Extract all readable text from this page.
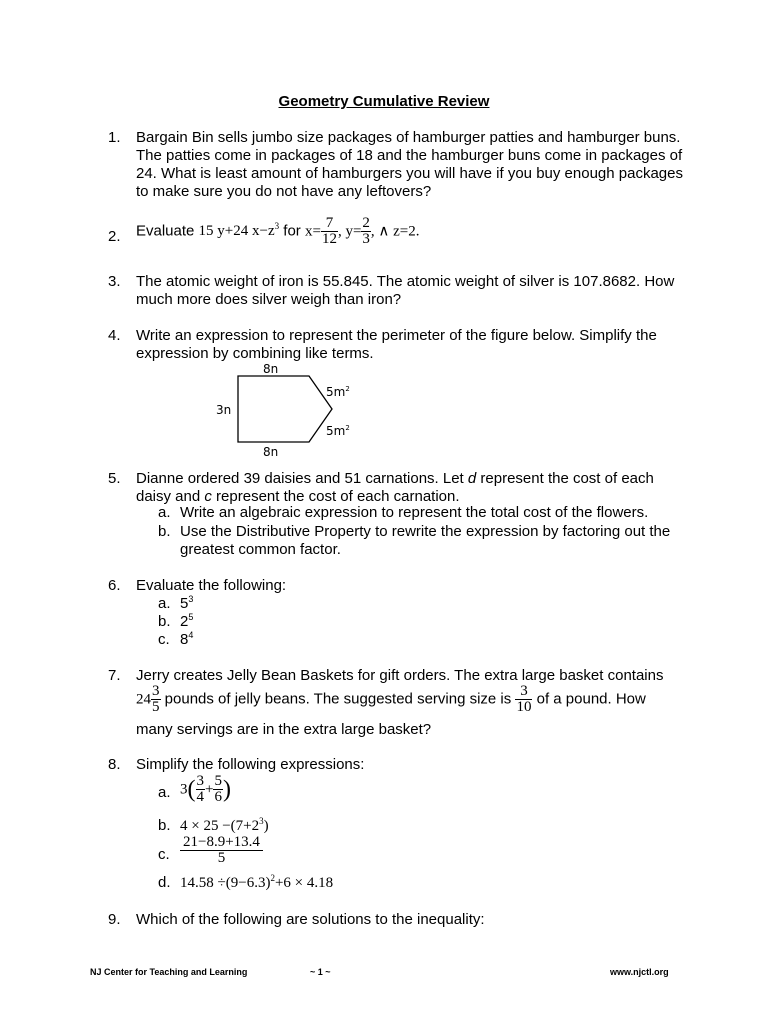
Geometry Cumulative Review
1. Bargain Bin sells jumbo size packages of hamburger patties and hamburger buns. The patties come in packages of 18 and the hamburger buns come in packages of 24. What is least amount of hamburgers you will have if you buy enough packages to make sure you do not have any leftovers?
2. Evaluate 15 y+24 $x-z^3$ for $x= \frac{7}{12}$ , $y= \frac{2}{3}$ , ∧ z=2.
3. The atomic weight of iron is 55.845. The atomic weight of silver is 107.8682. How much more does silver weigh than iron?
4. Write an expression to represent the perimeter of the figure below. Simplify the expression by combining like terms.
8n
3n
$5m^2$
$5m^2$
8n
5. Dianne ordered 39 daisies and 51 carnations. Let d represent the cost of each daisy and c represent the cost of each carnation.
a. Write an algebraic expression to represent the total cost of the flowers.
b. Use the Distributive Property to rewrite the expression by factoring out the greatest common factor.
6. Evaluate the following:
a. $5^3$
b. $2^5$
c. $8^4$
7. Jerry creates Jelly Bean Baskets for gift orders. The extra large basket contains
$24 \frac{3}{5}$ pounds of jelly beans. The suggested serving size is $\frac{3}{10}$ of a pound. How
many servings are in the extra large basket?
8. Simplify the following expressions:
a. $3( \frac{3}{4} + \frac{5}{6}$ )
b. $4 \times 25 -(7+2^3)$
c. $\frac{21-8.9+13.4}{5}$
d. $14.58 \div(9-6.3)^2+6 \times 4.18$
9. Which of the following are solutions to the inequality:
NJ Center for Teaching and Learning	~ 1 ~	www.njctl.org
